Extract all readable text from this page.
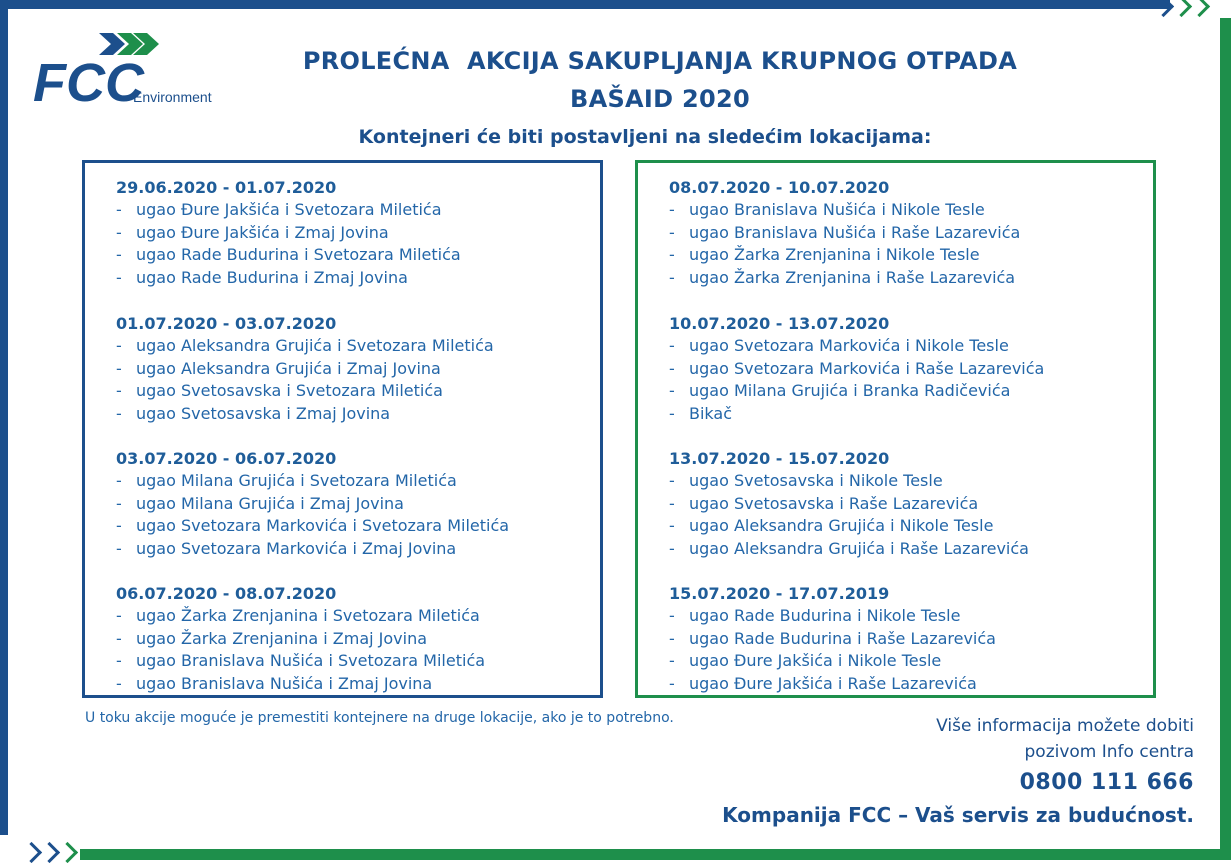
FCC
Environment
PROLEĆNA  AKCIJA SAKUPLJANJA KRUPNOG OTPADA
BAŠAID 2020
Kontejneri će biti postavljeni na sledećim lokacijama:
29.06.2020 - 01.07.2020
- ugao Đure Jakšića i Svetozara Miletića
- ugao Đure Jakšića i Zmaj Jovina
- ugao Rade Budurina i Svetozara Miletića
- ugao Rade Budurina i Zmaj Jovina
01.07.2020 - 03.07.2020
- ugao Aleksandra Grujića i Svetozara Miletića
- ugao Aleksandra Grujića i Zmaj Jovina
- ugao Svetosavska i Svetozara Miletića
- ugao Svetosavska i Zmaj Jovina
03.07.2020 - 06.07.2020
- ugao Milana Grujića i Svetozara Miletića
- ugao Milana Grujića i Zmaj Jovina
- ugao Svetozara Markovića i Svetozara Miletića
- ugao Svetozara Markovića i Zmaj Jovina
06.07.2020 - 08.07.2020
- ugao Žarka Zrenjanina i Svetozara Miletića
- ugao Žarka Zrenjanina i Zmaj Jovina
- ugao Branislava Nušića i Svetozara Miletića
- ugao Branislava Nušića i Zmaj Jovina
08.07.2020 - 10.07.2020
- ugao Branislava Nušića i Nikole Tesle
- ugao Branislava Nušića i Raše Lazarevića
- ugao Žarka Zrenjanina i Nikole Tesle
- ugao Žarka Zrenjanina i Raše Lazarevića
10.07.2020 - 13.07.2020
- ugao Svetozara Markovića i Nikole Tesle
- ugao Svetozara Markovića i Raše Lazarevića
- ugao Milana Grujića i Branka Radičevića
- Bikač
13.07.2020 - 15.07.2020
- ugao Svetosavska i Nikole Tesle
- ugao Svetosavska i Raše Lazarevića
- ugao Aleksandra Grujića i Nikole Tesle
- ugao Aleksandra Grujića i Raše Lazarevića
15.07.2020 - 17.07.2019
- ugao Rade Budurina i Nikole Tesle
- ugao Rade Budurina i Raše Lazarevića
- ugao Đure Jakšića i Nikole Tesle
- ugao Đure Jakšića i Raše Lazarevića
U toku akcije moguće je premestiti kontejnere na druge lokacije, ako je to potrebno.	Više informacija možete dobiti
pozivom Info centra
0800 111 666
Kompanija FCC – Vaš servis za budućnost.
